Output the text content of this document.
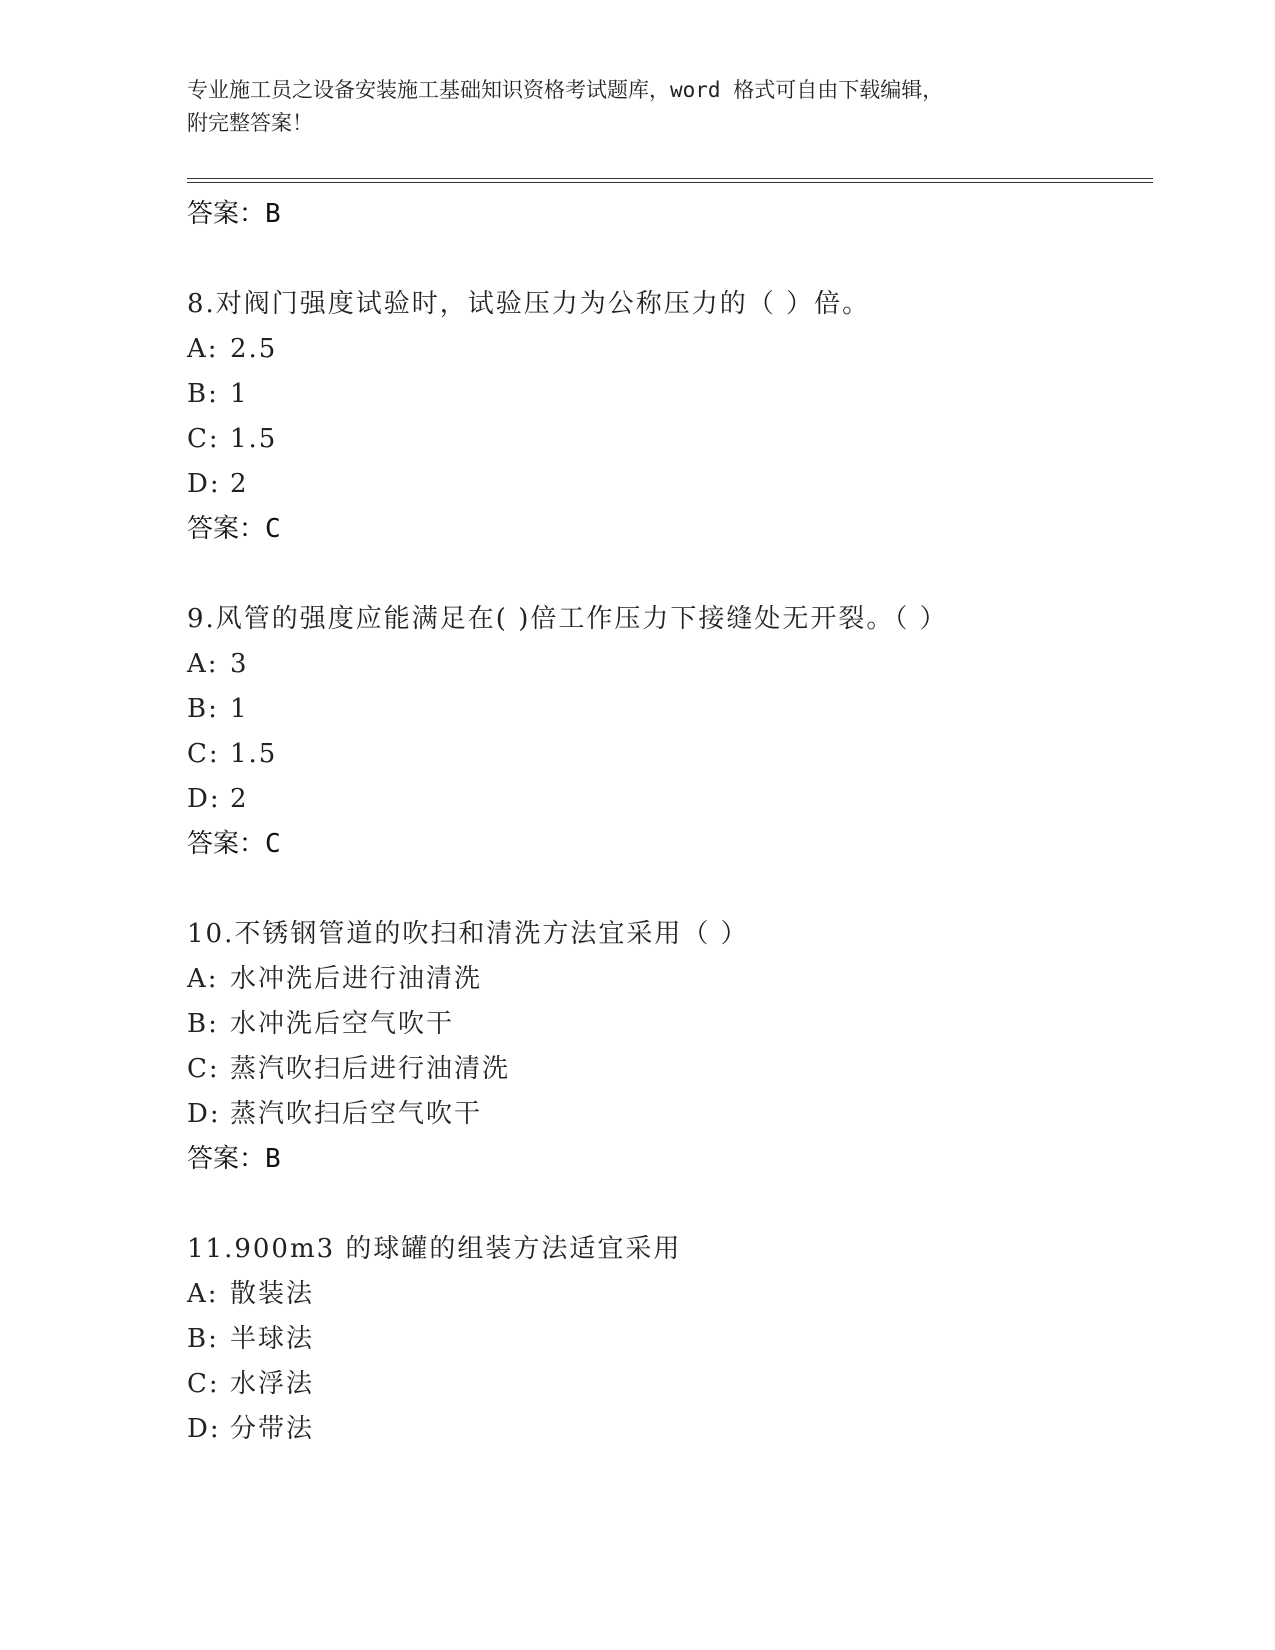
专业施工员之设备安装施工基础知识资格考试题库，word 格式可自由下载编辑，
附完整答案！
答案：B
8.对阀门强度试验时，试验压力为公称压力的（ ）倍。
A: 2.5
B: 1
C: 1.5
D: 2
答案：C
9.风管的强度应能满足在( )倍工作压力下接缝处无开裂。（ ）
A: 3
B: 1
C: 1.5
D: 2
答案：C
10.不锈钢管道的吹扫和清洗方法宜采用（ ）
A: 水冲洗后进行油清洗
B: 水冲洗后空气吹干
C: 蒸汽吹扫后进行油清洗
D: 蒸汽吹扫后空气吹干
答案：B
11.900m3 的球罐的组装方法适宜采用
A: 散装法
B: 半球法
C: 水浮法
D: 分带法
